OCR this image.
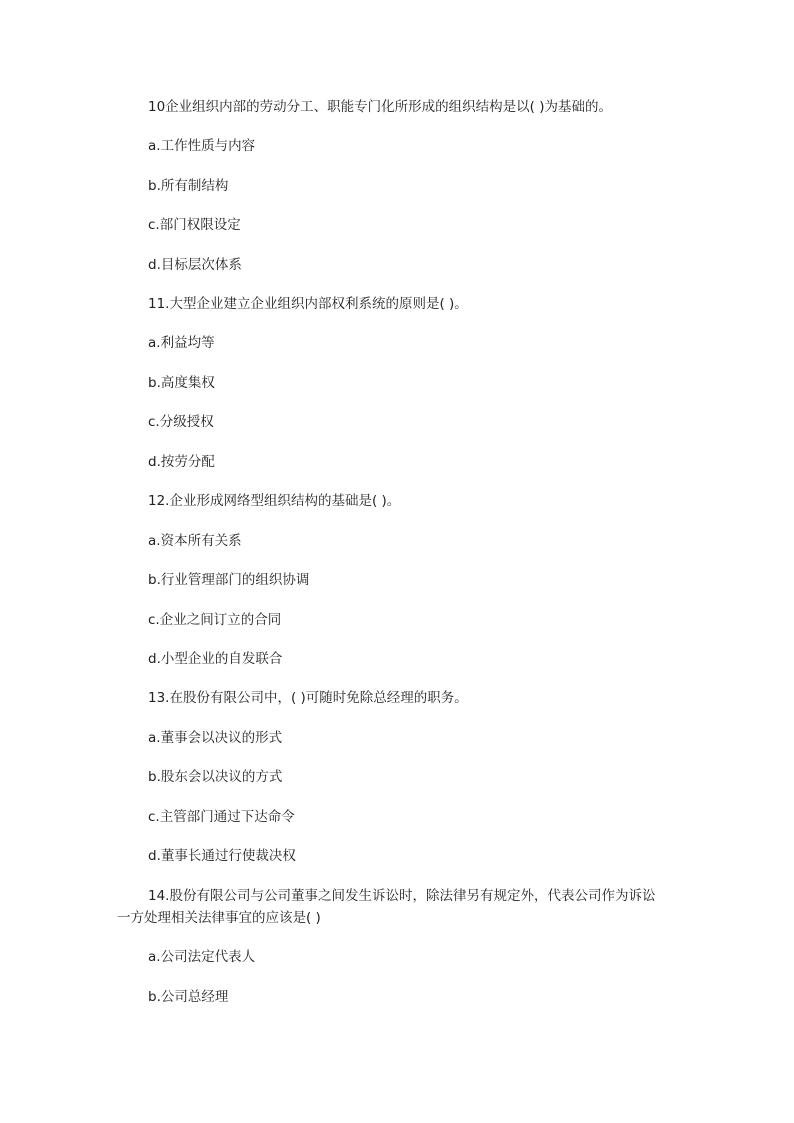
10企业组织内部的劳动分工、职能专门化所形成的组织结构是以( )为基础的。
a.工作性质与内容
b.所有制结构
c.部门权限设定
d.目标层次体系
11.大型企业建立企业组织内部权利系统的原则是( )。
a.利益均等
b.高度集权
c.分级授权
d.按劳分配
12.企业形成网络型组织结构的基础是( )。
a.资本所有关系
b.行业管理部门的组织协调
c.企业之间订立的合同
d.小型企业的自发联合
13.在股份有限公司中，( )可随时免除总经理的职务。
a.董事会以决议的形式
b.股东会以决议的方式
c.主管部门通过下达命令
d.董事长通过行使裁决权
14.股份有限公司与公司董事之间发生诉讼时，除法律另有规定外，代表公司作为诉讼
一方处理相关法律事宜的应该是( )
a.公司法定代表人
b.公司总经理
